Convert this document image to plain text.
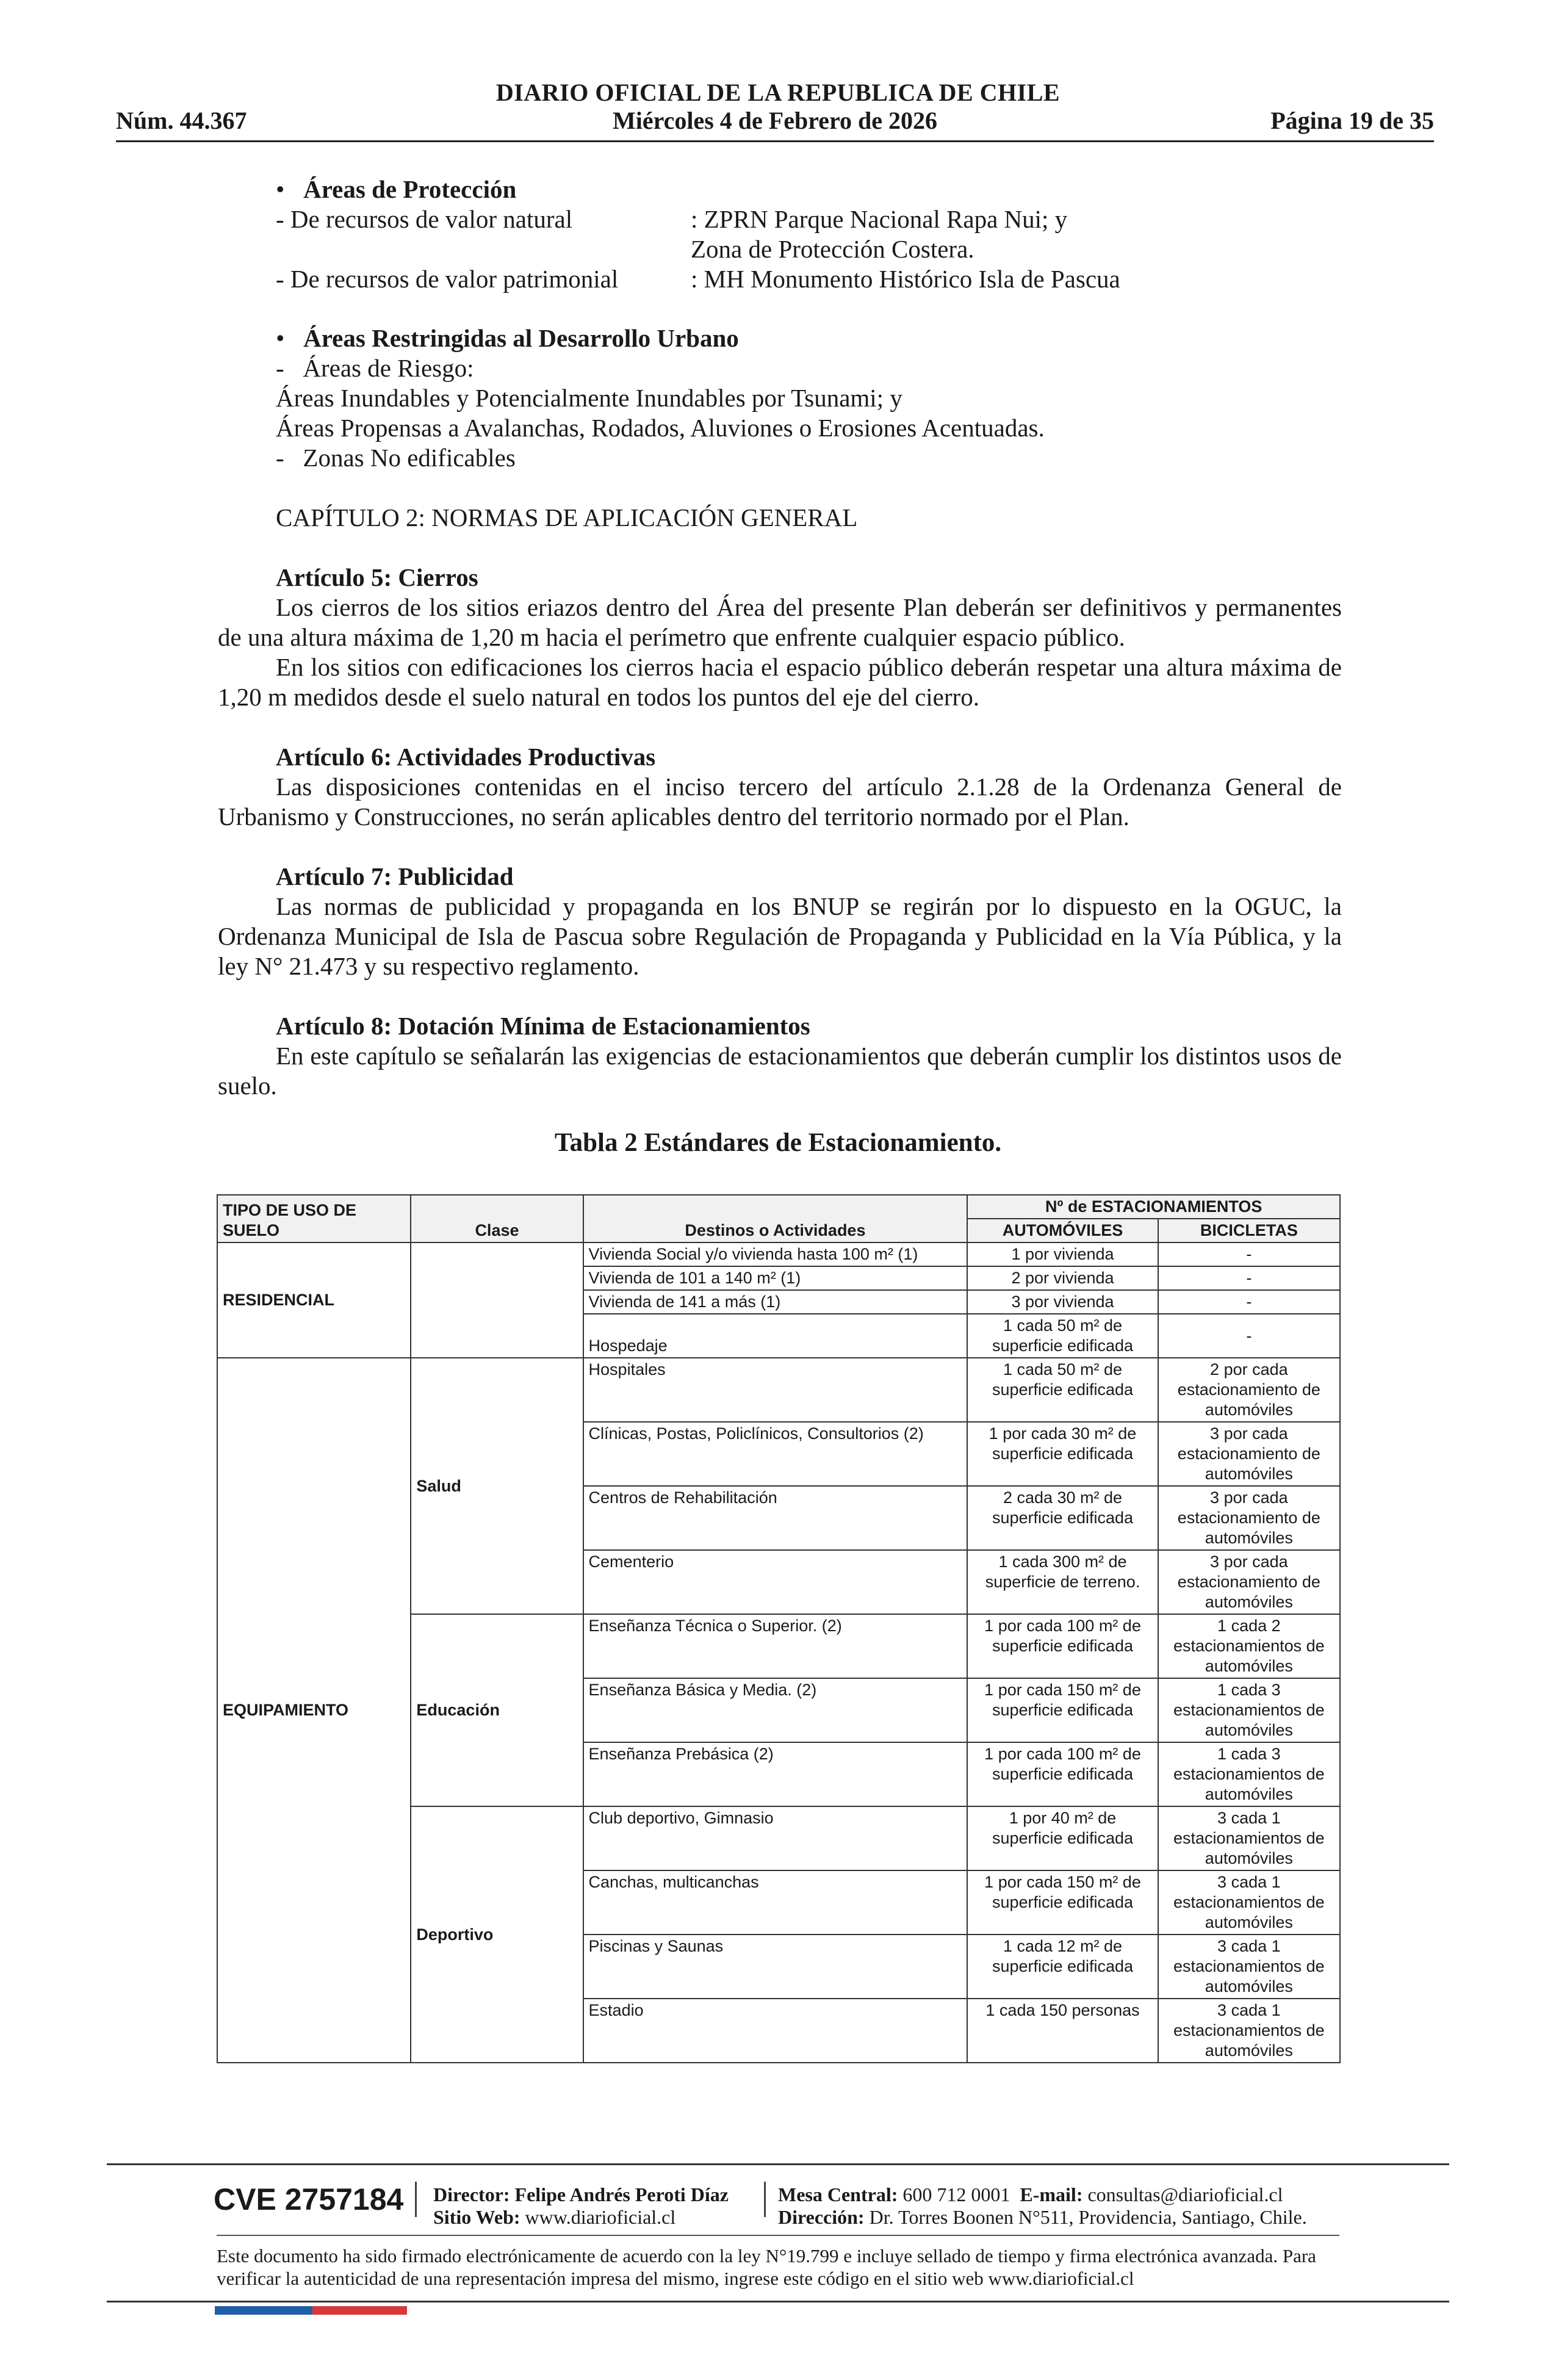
DIARIO OFICIAL DE LA REPUBLICA DE CHILE
Núm. 44.367	Miércoles 4 de Febrero de 2026	Página 19 de 35
• Áreas de Protección
- De recursos de valor natural	: ZPRN Parque Nacional Rapa Nui; y
Zona de Protección Costera.
- De recursos de valor patrimonial	: MH Monumento Histórico Isla de Pascua
• Áreas Restringidas al Desarrollo Urbano
-   Áreas de Riesgo:
Áreas Inundables y Potencialmente Inundables por Tsunami; y
Áreas Propensas a Avalanchas, Rodados, Aluviones o Erosiones Acentuadas.
-   Zonas No edificables
CAPÍTULO 2: NORMAS DE APLICACIÓN GENERAL
Artículo 5: Cierros
Los cierros de los sitios eriazos dentro del Área del presente Plan deberán ser definitivos y permanentes de una altura máxima de 1,20 m hacia el perímetro que enfrente cualquier espacio público.
En los sitios con edificaciones los cierros hacia el espacio público deberán respetar una altura máxima de 1,20 m medidos desde el suelo natural en todos los puntos del eje del cierro.
Artículo 6: Actividades Productivas
Las disposiciones contenidas en el inciso tercero del artículo 2.1.28 de la Ordenanza General de Urbanismo y Construcciones, no serán aplicables dentro del territorio normado por el Plan.
Artículo 7: Publicidad
Las normas de publicidad y propaganda en los BNUP se regirán por lo dispuesto en la OGUC, la Ordenanza Municipal de Isla de Pascua sobre Regulación de Propaganda y Publicidad en la Vía Pública, y la ley N° 21.473 y su respectivo reglamento.
Artículo 8: Dotación Mínima de Estacionamientos
En este capítulo se señalarán las exigencias de estacionamientos que deberán cumplir los distintos usos de suelo.
Tabla 2 Estándares de Estacionamiento.
TIPO DE USO DE SUELO	Clase	Destinos o Actividades	Nº de ESTACIONAMIENTOS	
			AUTOMÓVILES	BICICLETAS
RESIDENCIAL		Vivienda Social y/o vivienda hasta 100 m² (1)	1 por vivienda	-
		Vivienda de 101 a 140 m² (1)	2 por vivienda	-
		Vivienda de 141 a más (1)	3 por vivienda	-
		Hospedaje	1 cada 50 m² de superficie edificada	-
EQUIPAMIENTO	Salud	Hospitales	1 cada 50 m² de superficie edificada	2 por cada estacionamiento de automóviles
		Clínicas, Postas, Policlínicos, Consultorios (2)	1 por cada 30 m² de superficie edificada	3 por cada estacionamiento de automóviles
		Centros de Rehabilitación	2 cada 30 m² de superficie edificada	3 por cada estacionamiento de automóviles
		Cementerio	1 cada 300 m² de superficie de terreno.	3 por cada estacionamiento de automóviles
	Educación	Enseñanza Técnica o Superior. (2)	1 por cada 100 m² de superficie edificada	1 cada 2 estacionamientos de automóviles
		Enseñanza Básica y Media. (2)	1 por cada 150 m² de superficie edificada	1 cada 3 estacionamientos de automóviles
		Enseñanza Prebásica (2)	1 por cada 100 m² de superficie edificada	1 cada 3 estacionamientos de automóviles
	Deportivo	Club deportivo, Gimnasio	1 por 40 m² de superficie edificada	3 cada 1 estacionamientos de automóviles
		Canchas, multicanchas	1 por cada 150 m² de superficie edificada	3 cada 1 estacionamientos de automóviles
		Piscinas y Saunas	1 cada 12 m² de superficie edificada	3 cada 1 estacionamientos de automóviles
		Estadio	1 cada 150 personas	3 cada 1 estacionamientos de automóviles
CVE 2757184 Director: Felipe Andrés Peroti Díaz
Sitio Web: www.diarioficial.cl
Mesa Central: 600 712 0001 E-mail: consultas@diarioficial.cl
Dirección: Dr. Torres Boonen N°511, Providencia, Santiago, Chile.
Este documento ha sido firmado electrónicamente de acuerdo con la ley N°19.799 e incluye sellado de tiempo y firma electrónica avanzada. Para verificar la autenticidad de una representación impresa del mismo, ingrese este código en el sitio web www.diarioficial.cl
